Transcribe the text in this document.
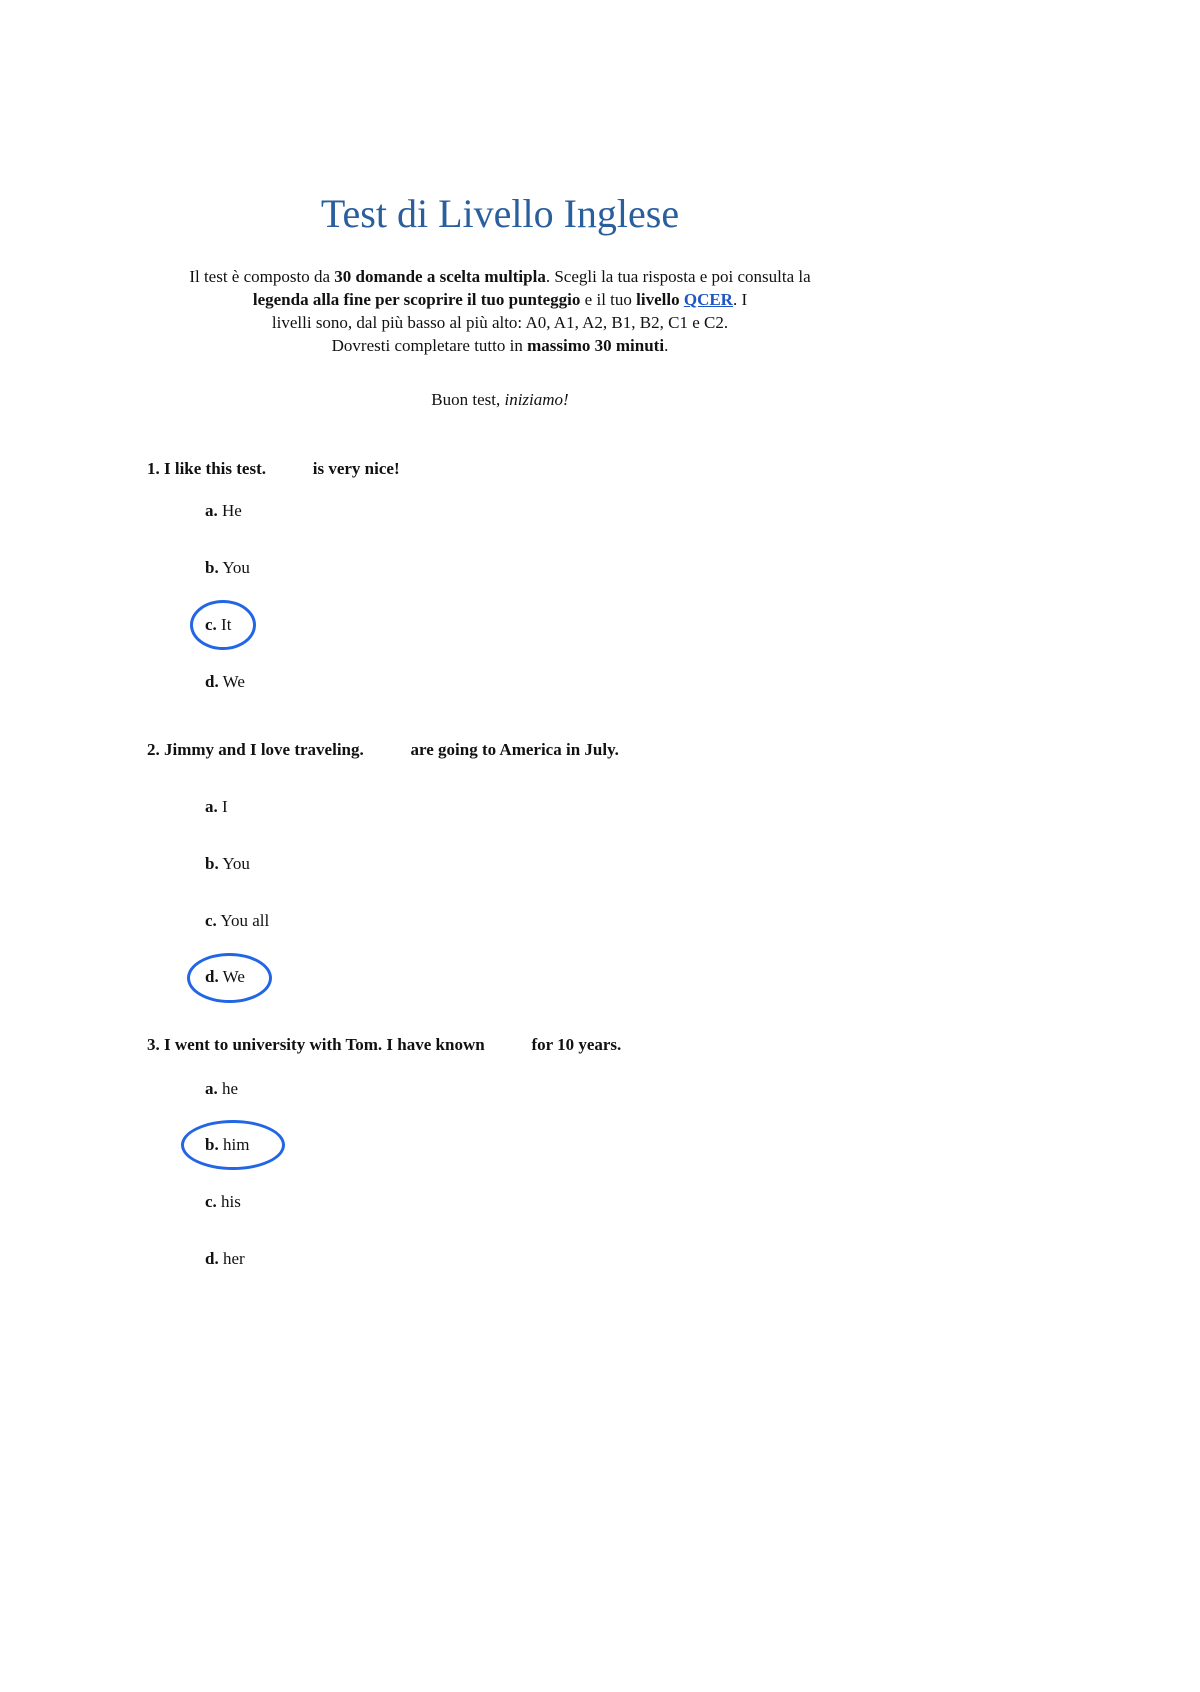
Test di Livello Inglese

Il test è composto da 30 domande a scelta multipla. Scegli la tua risposta e poi consulta la

legenda alla fine per scoprire il tuo punteggio e il tuo livello QCER. I

livelli sono, dal più basso al più alto: A0, A1, A2, B1, B2, C1 e C2.

Dovresti completare tutto in massimo 30 minuti.

Buon test, iniziamo!
1. I like this test.           is very nice!
a. He
b. You
c. It
d. We
2. Jimmy and I love traveling.           are going to America in July.
a. I
b. You
c. You all
d. We
3. I went to university with Tom. I have known           for 10 years.
a. he
b. him
c. his
d. her
